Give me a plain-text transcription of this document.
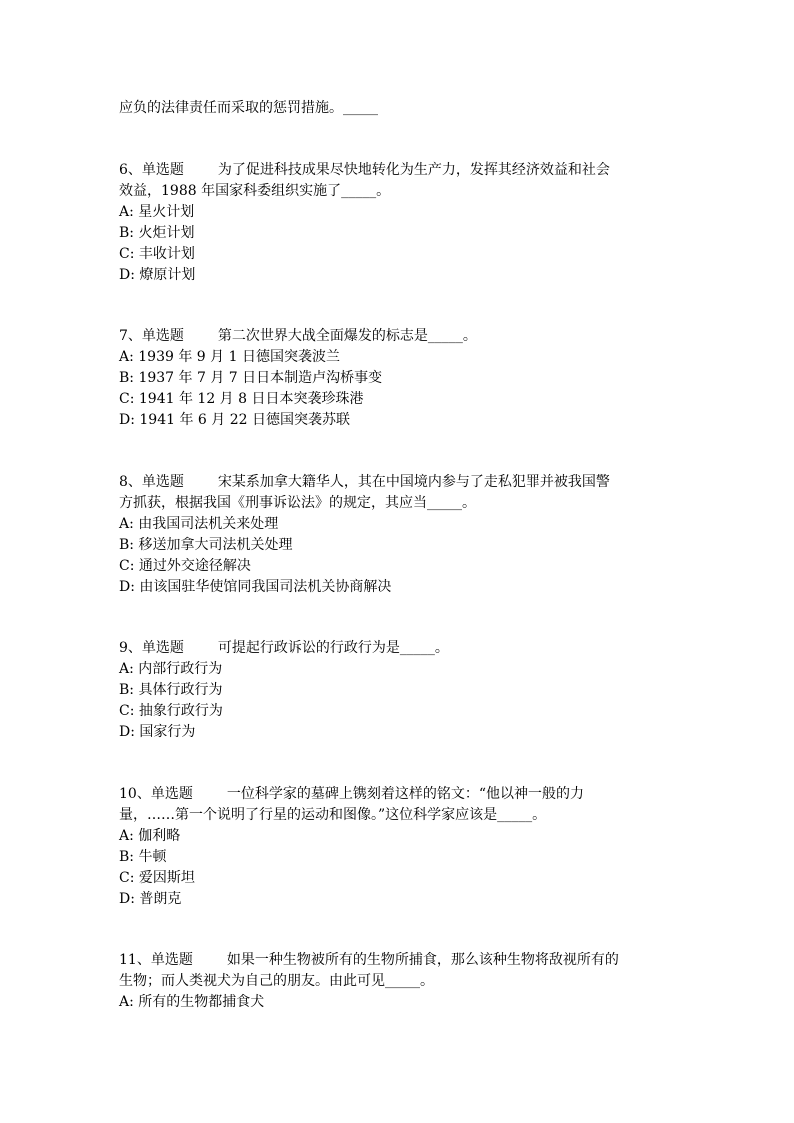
应负的法律责任而采取的惩罚措施。_____
6、单选题 为了促进科技成果尽快地转化为生产力，发挥其经济效益和社会
效益，1988 年国家科委组织实施了_____。
A: 星火计划
B: 火炬计划
C: 丰收计划
D: 燎原计划
7、单选题 第二次世界大战全面爆发的标志是_____。
A: 1939 年 9 月 1 日德国突袭波兰
B: 1937 年 7 月 7 日日本制造卢沟桥事变
C: 1941 年 12 月 8 日日本突袭珍珠港
D: 1941 年 6 月 22 日德国突袭苏联
8、单选题 宋某系加拿大籍华人，其在中国境内参与了走私犯罪并被我国警
方抓获，根据我国《刑事诉讼法》的规定，其应当_____。
A: 由我国司法机关来处理
B: 移送加拿大司法机关处理
C: 通过外交途径解决
D: 由该国驻华使馆同我国司法机关协商解决
9、单选题 可提起行政诉讼的行政行为是_____。
A: 内部行政行为
B: 具体行政行为
C: 抽象行政行为
D: 国家行为
10、单选题 一位科学家的墓碑上镌刻着这样的铭文：“他以神一般的力
量，……第一个说明了行星的运动和图像。”这位科学家应该是_____。
A: 伽利略
B: 牛顿
C: 爱因斯坦
D: 普朗克
11、单选题 如果一种生物被所有的生物所捕食，那么该种生物将敌视所有的
生物；而人类视犬为自己的朋友。由此可见_____。
A: 所有的生物都捕食犬
